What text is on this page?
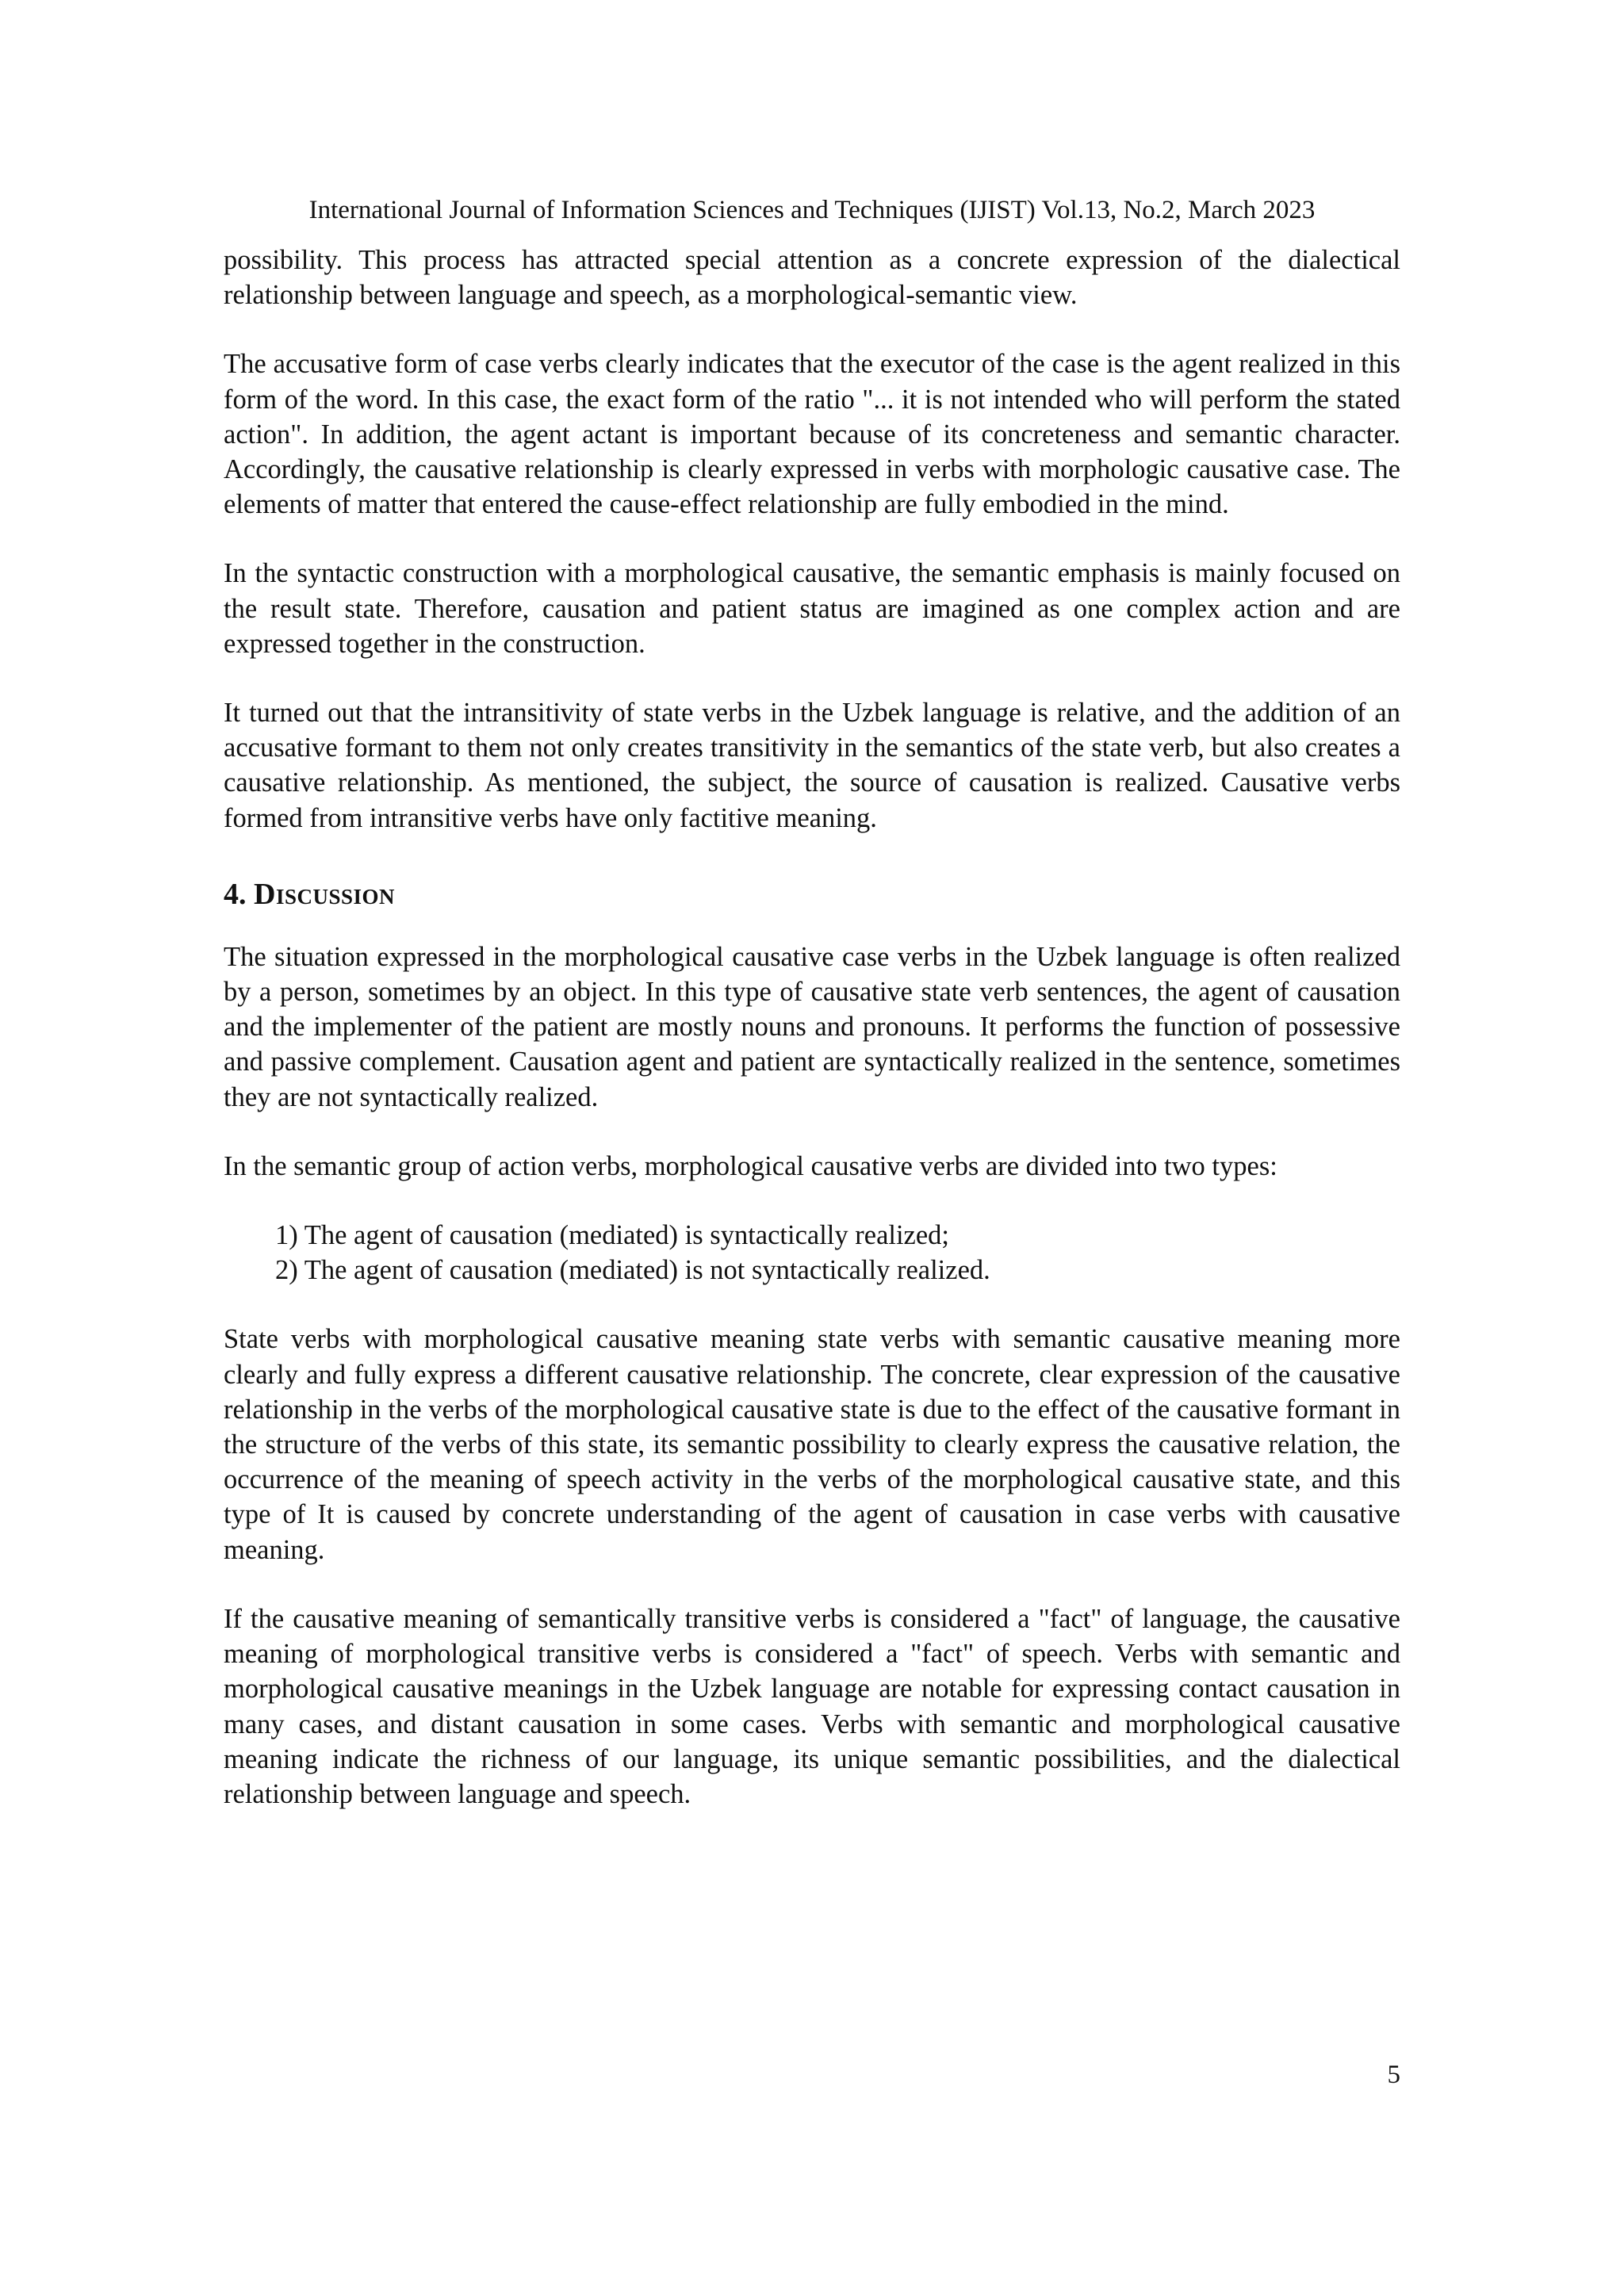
International Journal of Information Sciences and Techniques (IJIST) Vol.13, No.2, March 2023

possibility. This process has attracted special attention as a concrete expression of the dialectical relationship between language and speech, as a morphological-semantic view.

The accusative form of case verbs clearly indicates that the executor of the case is the agent realized in this form of the word. In this case, the exact form of the ratio "... it is not intended who will perform the stated action". In addition, the agent actant is important because of its concreteness and semantic character. Accordingly, the causative relationship is clearly expressed in verbs with morphologic causative case. The elements of matter that entered the cause-effect relationship are fully embodied in the mind.

In the syntactic construction with a morphological causative, the semantic emphasis is mainly focused on the result state. Therefore, causation and patient status are imagined as one complex action and are expressed together in the construction.

It turned out that the intransitivity of state verbs in the Uzbek language is relative, and the addition of an accusative formant to them not only creates transitivity in the semantics of the state verb, but also creates a causative relationship. As mentioned, the subject, the source of causation is realized. Causative verbs formed from intransitive verbs have only factitive meaning.

4. Discussion

The situation expressed in the morphological causative case verbs in the Uzbek language is often realized by a person, sometimes by an object. In this type of causative state verb sentences, the agent of causation and the implementer of the patient are mostly nouns and pronouns. It performs the function of possessive and passive complement. Causation agent and patient are syntactically realized in the sentence, sometimes they are not syntactically realized.

In the semantic group of action verbs, morphological causative verbs are divided into two types:

1) The agent of causation (mediated) is syntactically realized;
2) The agent of causation (mediated) is not syntactically realized.

State verbs with morphological causative meaning state verbs with semantic causative meaning more clearly and fully express a different causative relationship. The concrete, clear expression of the causative relationship in the verbs of the morphological causative state is due to the effect of the causative formant in the structure of the verbs of this state, its semantic possibility to clearly express the causative relation, the occurrence of the meaning of speech activity in the verbs of the morphological causative state, and this type of It is caused by concrete understanding of the agent of causation in case verbs with causative meaning.

If the causative meaning of semantically transitive verbs is considered a "fact" of language, the causative meaning of morphological transitive verbs is considered a "fact" of speech. Verbs with semantic and morphological causative meanings in the Uzbek language are notable for expressing contact causation in many cases, and distant causation in some cases. Verbs with semantic and morphological causative meaning indicate the richness of our language, its unique semantic possibilities, and the dialectical relationship between language and speech.

5
